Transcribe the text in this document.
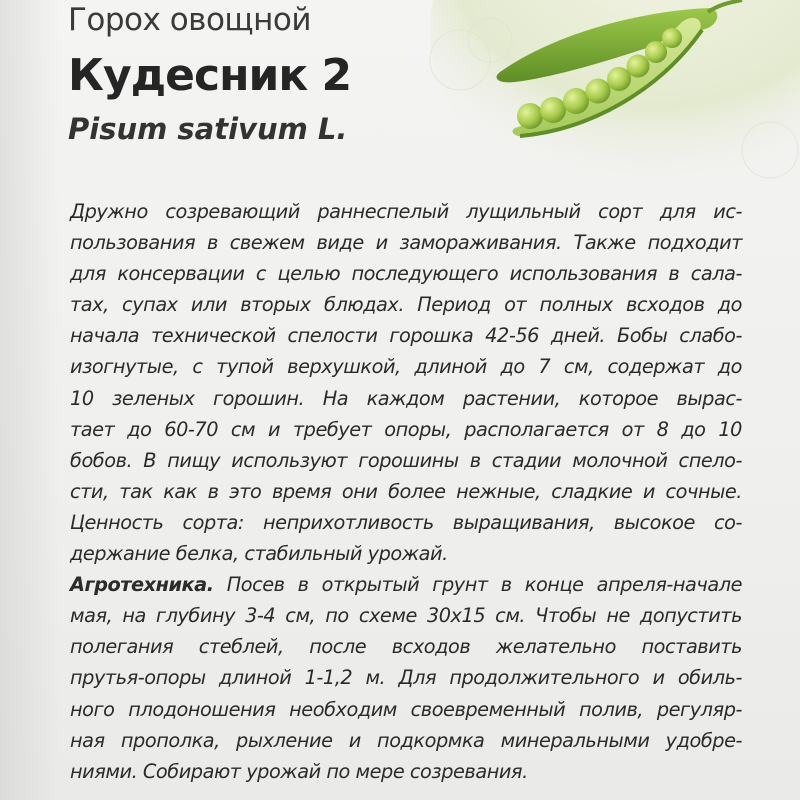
Горох овощной
Кудесник 2
Pisum sativum L.
Дружно созревающий раннеспелый лущильный сорт для ис-
пользования в свежем виде и замораживания. Также подходит
для консервации с целью последующего использования в сала-
тах, супах или вторых блюдах. Период от полных всходов до
начала технической спелости горошка 42-56 дней. Бобы слабо-
изогнутые, с тупой верхушкой, длиной до 7 см, содержат до
10 зеленых горошин. На каждом растении, которое вырас-
тает до 60-70 см и требует опоры, располагается от 8 до 10
бобов. В пищу используют горошины в стадии молочной спело-
сти, так как в это время они более нежные, сладкие и сочные.
Ценность сорта: неприхотливость выращивания, высокое со-
держание белка, стабильный урожай.
Агротехника. Посев в открытый грунт в конце апреля-начале
мая, на глубину 3-4 см, по схеме 30х15 см. Чтобы не допустить
полегания стеблей, после всходов желательно поставить
прутья-опоры длиной 1-1,2 м. Для продолжительного и обиль-
ного плодоношения необходим своевременный полив, регуляр-
ная прополка, рыхление и подкормка минеральными удобре-
ниями. Собирают урожай по мере созревания.
